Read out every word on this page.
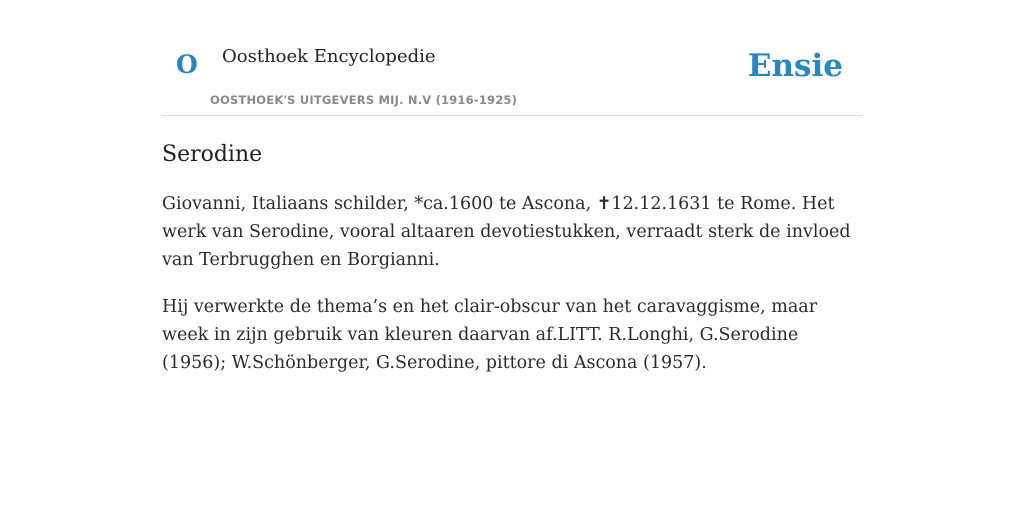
O Oosthoek Encyclopedie
OOSTHOEK'S UITGEVERS MIJ. N.V (1916-1925)
Ensie
Serodine

Giovanni, Italiaans schilder, *ca.1600 te Ascona, ✝12.12.1631 te Rome. Het werk van Serodine, vooral altaaren devotiestukken, verraadt sterk de invloed van Terbrugghen en Borgianni.

Hij verwerkte de thema’s en het clair-obscur van het caravaggisme, maar week in zijn gebruik van kleuren daarvan af.LITT. R.Longhi, G.Serodine (1956); W.Schönberger, G.Serodine, pittore di Ascona (1957).
